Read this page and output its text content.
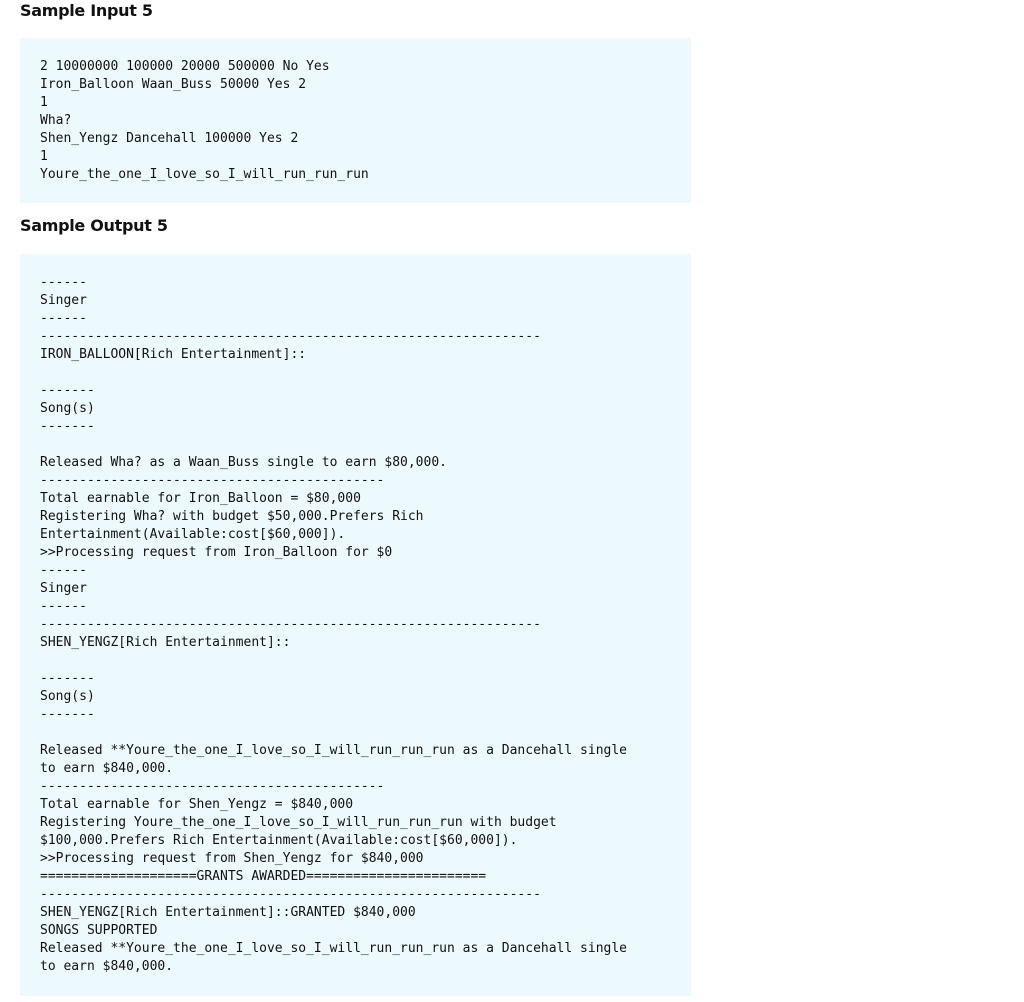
Sample Input 5
2 10000000 100000 20000 500000 No Yes
Iron_Balloon Waan_Buss 50000 Yes 2
1
Wha?
Shen_Yengz Dancehall 100000 Yes 2
1
Youre_the_one_I_love_so_I_will_run_run_run
Sample Output 5
------
Singer
------
----------------------------------------------------------------
IRON_BALLOON[Rich Entertainment]::
-------
Song(s)
-------
Released Wha? as a Waan_Buss single to earn $80,000.
--------------------------------------------
Total earnable for Iron_Balloon = $80,000
Registering Wha? with budget $50,000.Prefers Rich
Entertainment(Available:cost[$60,000]).
>>Processing request from Iron_Balloon for $0
------
Singer
------
----------------------------------------------------------------
SHEN_YENGZ[Rich Entertainment]::
-------
Song(s)
-------
Released **Youre_the_one_I_love_so_I_will_run_run_run as a Dancehall single
to earn $840,000.
--------------------------------------------
Total earnable for Shen_Yengz = $840,000
Registering Youre_the_one_I_love_so_I_will_run_run_run with budget
$100,000.Prefers Rich Entertainment(Available:cost[$60,000]).
>>Processing request from Shen_Yengz for $840,000
====================GRANTS AWARDED=======================
----------------------------------------------------------------
SHEN_YENGZ[Rich Entertainment]::GRANTED $840,000
SONGS SUPPORTED
Released **Youre_the_one_I_love_so_I_will_run_run_run as a Dancehall single
to earn $840,000.
